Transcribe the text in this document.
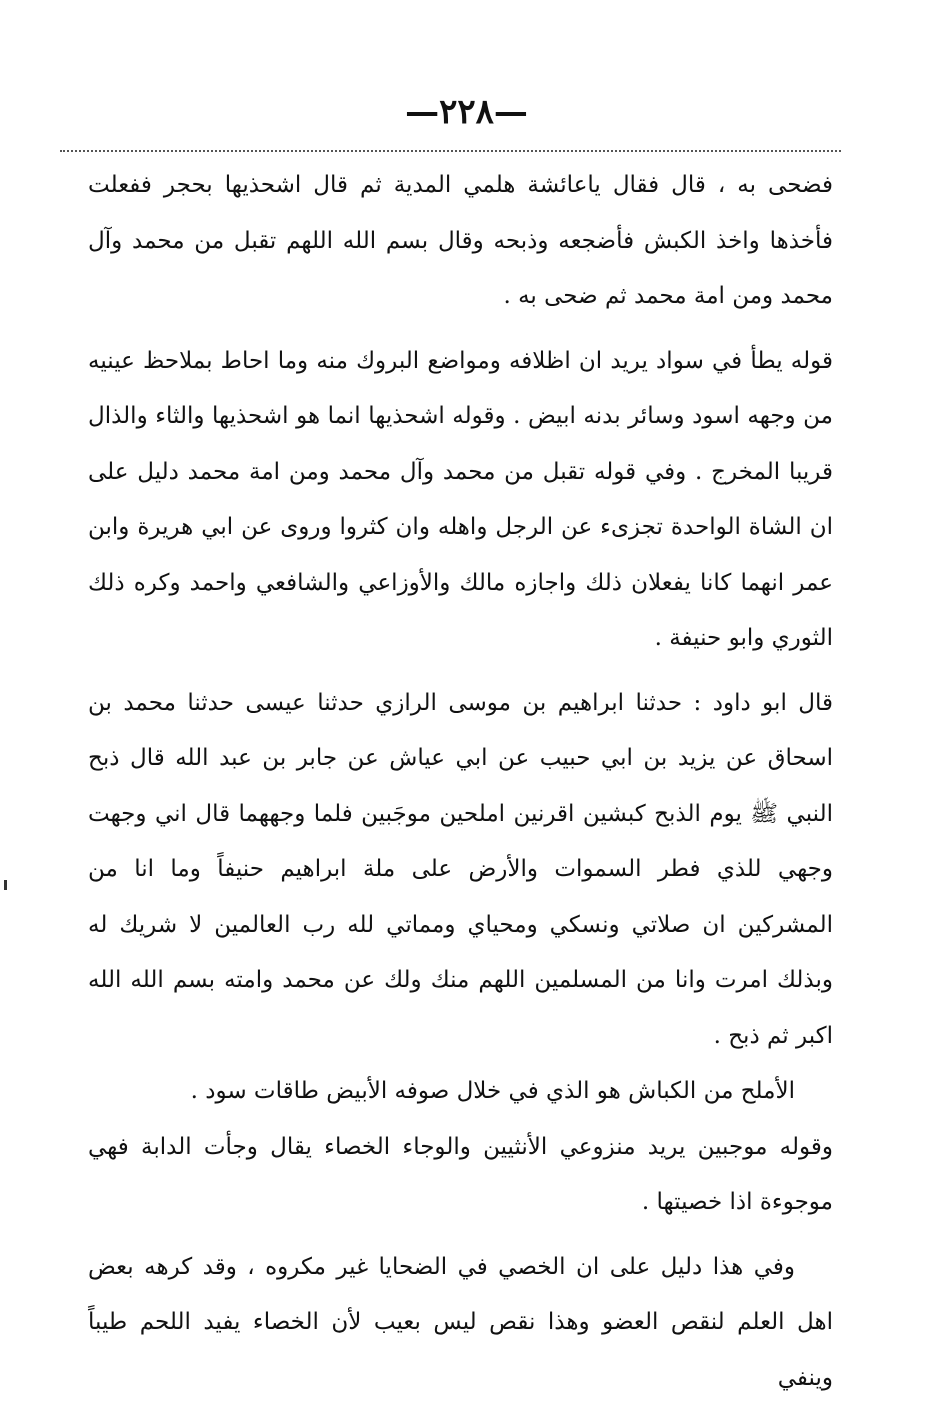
—٢٢٨—

فضحى به ، قال فقال ياعائشة هلمي المدية ثم قال اشحذيها بحجر ففعلت فأخذها واخذ الكبش فأضجعه وذبحه وقال بسم الله اللهم تقبل من محمد وآل محمد ومن امة محمد ثم ضحى به .

قوله يطأ في سواد يريد ان اظلافه ومواضع البروك منه وما احاط بملاحظ عينيه من وجهه اسود وسائر بدنه ابيض . وقوله اشحذيها انما هو اشحذيها والثاء والذال قريبا المخرج . وفي قوله تقبل من محمد وآل محمد ومن امة محمد دليل على ان الشاة الواحدة تجزىء عن الرجل واهله وان كثروا وروى عن ابي هريرة وابن عمر انهما كانا يفعلان ذلك واجازه مالك والأوزاعي والشافعي واحمد وكره ذلك الثوري وابو حنيفة .

قال ابو داود : حدثنا ابراهيم بن موسى الرازي حدثنا عيسى حدثنا محمد بن اسحاق عن يزيد بن ابي حبيب عن ابي عياش عن جابر بن عبد الله قال ذبح النبي ﷺ يوم الذبح كبشين اقرنين املحين موجَبين فلما وجههما قال اني وجهت وجهي للذي فطر السموات والأرض على ملة ابراهيم حنيفاً وما انا من المشركين ان صلاتي ونسكي ومحياي ومماتي لله رب العالمين لا شريك له وبذلك امرت وانا من المسلمين اللهم منك ولك عن محمد وامته بسم الله الله اكبر ثم ذبح .

الأملح من الكباش هو الذي في خلال صوفه الأبيض طاقات سود .

وقوله موجبين يريد منزوعي الأنثيين والوجاء الخصاء يقال وجأت الدابة فهي موجوءة اذا خصيتها .

وفي هذا دليل على ان الخصي في الضحايا غير مكروه ، وقد كرهه بعض اهل العلم لنقص العضو وهذا نقص ليس بعيب لأن الخصاء يفيد اللحم طيباً وينفي
